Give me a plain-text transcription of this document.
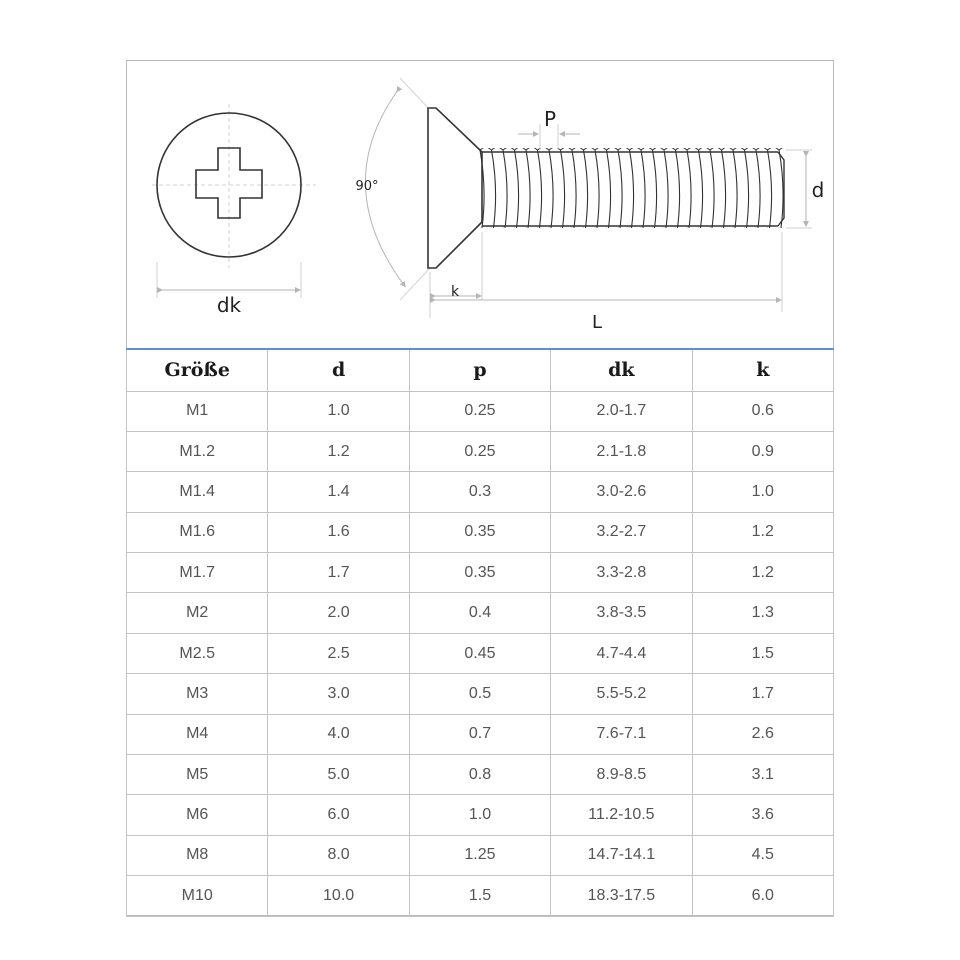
dk
90°
P
d
k
L
Größe	d	p	dk	k
M1	1.0	0.25	2.0-1.7	0.6
M1.2	1.2	0.25	2.1-1.8	0.9
M1.4	1.4	0.3	3.0-2.6	1.0
M1.6	1.6	0.35	3.2-2.7	1.2
M1.7	1.7	0.35	3.3-2.8	1.2
M2	2.0	0.4	3.8-3.5	1.3
M2.5	2.5	0.45	4.7-4.4	1.5
M3	3.0	0.5	5.5-5.2	1.7
M4	4.0	0.7	7.6-7.1	2.6
M5	5.0	0.8	8.9-8.5	3.1
M6	6.0	1.0	11.2-10.5	3.6
M8	8.0	1.25	14.7-14.1	4.5
M10	10.0	1.5	18.3-17.5	6.0
